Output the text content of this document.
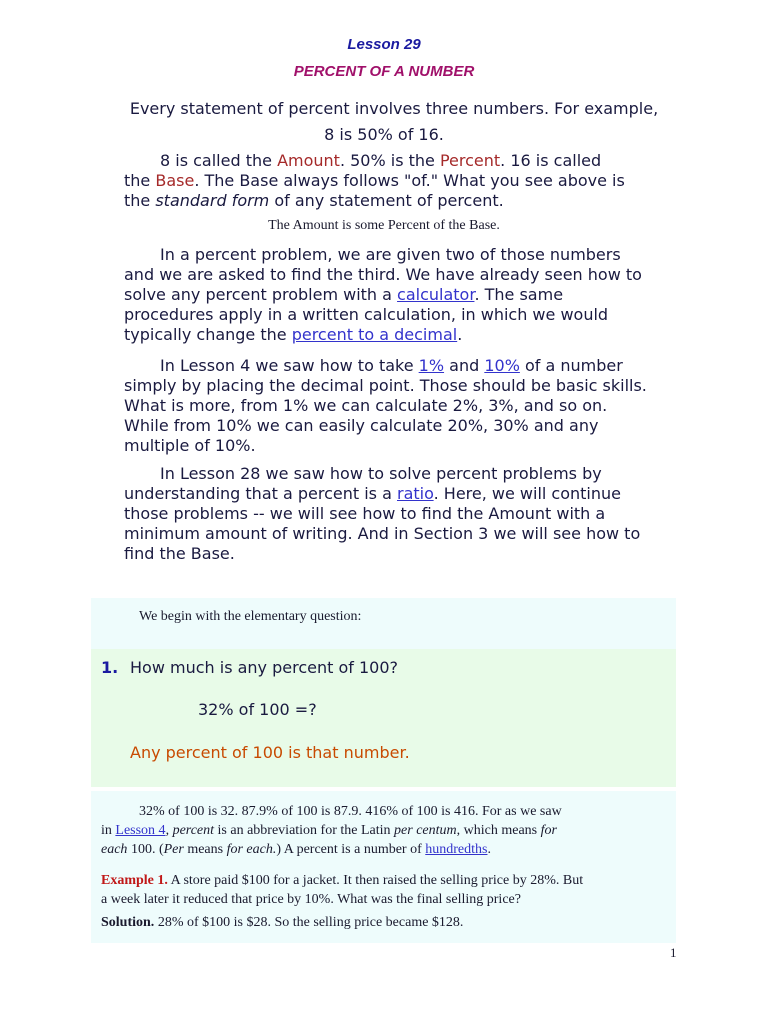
Lesson 29
PERCENT OF A NUMBER
Every statement of percent involves three numbers. For example,
8 is 50% of 16.
8 is called the Amount. 50% is the Percent. 16 is called
the Base. The Base always follows "of." What you see above is
the standard form of any statement of percent.
The Amount is some Percent of the Base.
In a percent problem, we are given two of those numbers
and we are asked to find the third. We have already seen how to
solve any percent problem with a calculator. The same
procedures apply in a written calculation, in which we would
typically change the percent to a decimal.
In Lesson 4 we saw how to take 1% and 10% of a number
simply by placing the decimal point. Those should be basic skills.
What is more, from 1% we can calculate 2%, 3%, and so on.
While from 10% we can easily calculate 20%, 30% and any
multiple of 10%.
In Lesson 28 we saw how to solve percent problems by
understanding that a percent is a ratio. Here, we will continue
those problems -- we will see how to find the Amount with a
minimum amount of writing. And in Section 3 we will see how to
find the Base.
We begin with the elementary question:
1. How much is any percent of 100?
32% of 100 =?
Any percent of 100 is that number.
32% of 100 is 32. 87.9% of 100 is 87.9. 416% of 100 is 416. For as we saw
in Lesson 4, percent is an abbreviation for the Latin per centum, which means for
each 100. (Per means for each.) A percent is a number of hundredths.
Example 1. A store paid $100 for a jacket. It then raised the selling price by 28%. But
a week later it reduced that price by 10%. What was the final selling price?
Solution. 28% of $100 is $28. So the selling price became $128.
1
